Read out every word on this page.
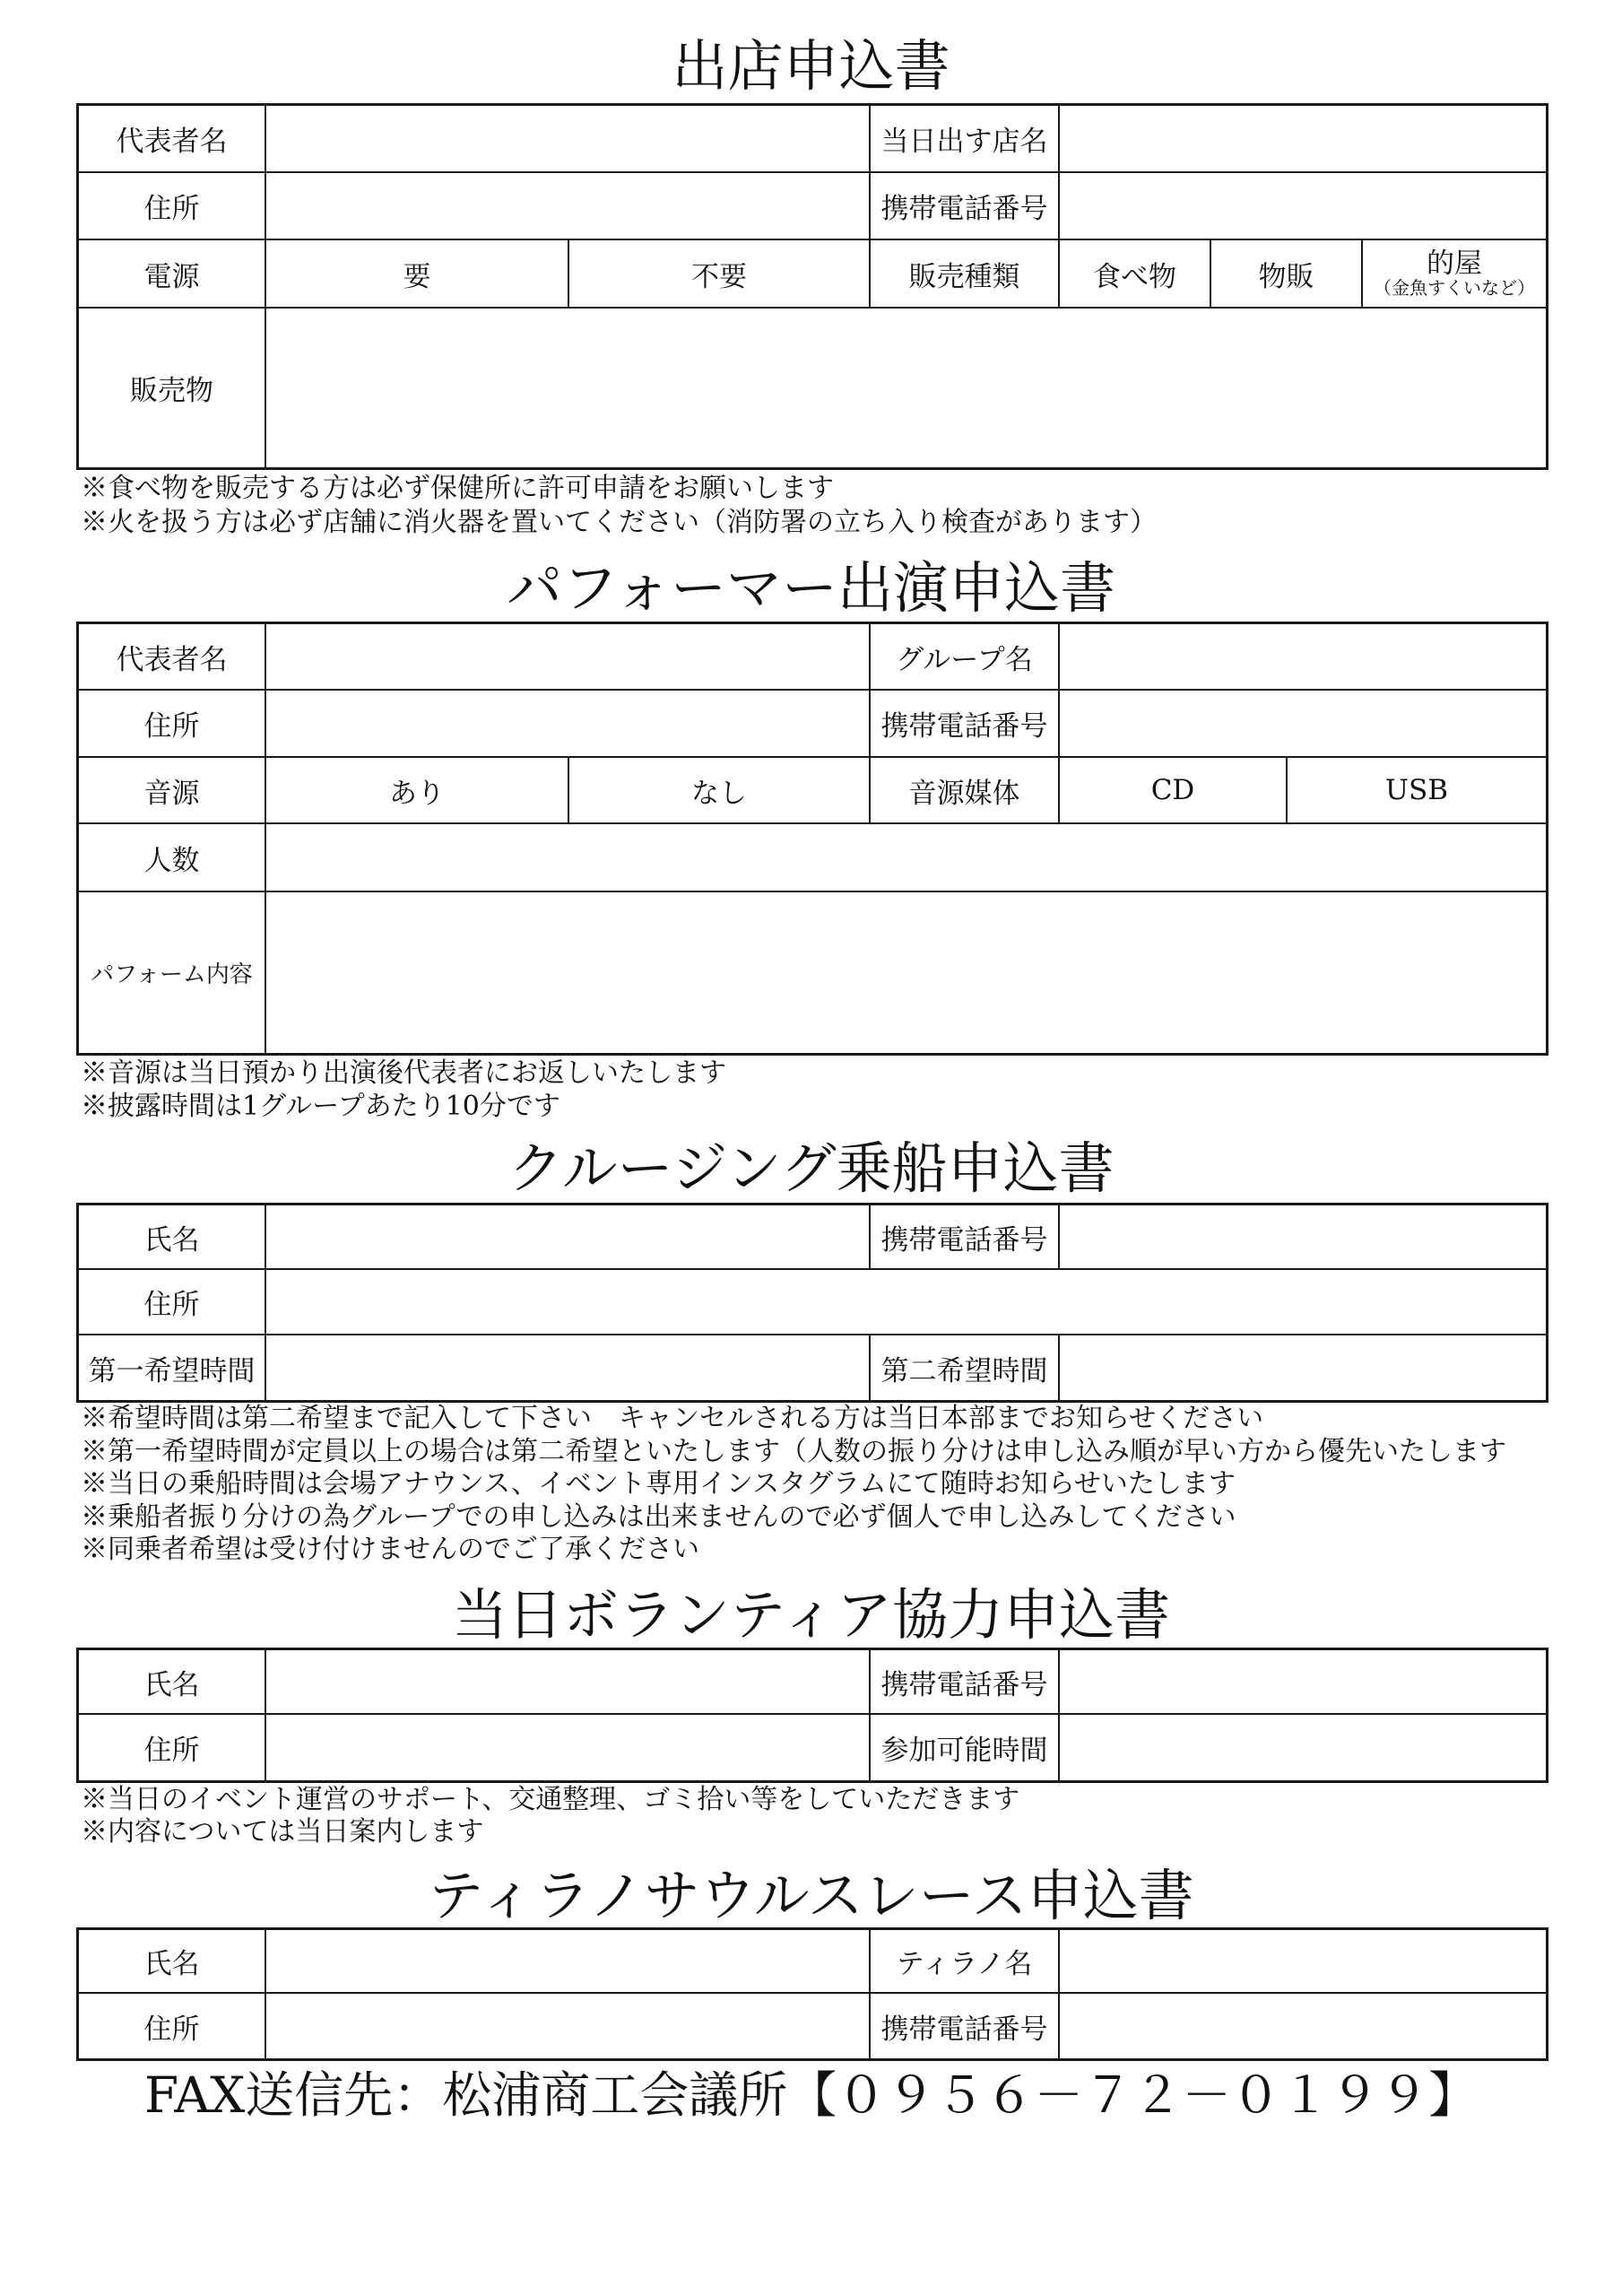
出店申込書
代表者名	当日出す店名
住所	携帯電話番号
電源	要	不要	販売種類	食べ物	物販	的屋
（金魚すくいなど）
販売物
※食べ物を販売する方は必ず保健所に許可申請をお願いします
※火を扱う方は必ず店舗に消火器を置いてください（消防署の立ち入り検査があります）
パフォーマー出演申込書
代表者名	グループ名
住所	携帯電話番号
音源	あり	なし	音源媒体	CD	USB
人数
パフォーム内容
※音源は当日預かり出演後代表者にお返しいたします
※披露時間は1グループあたり10分です
クルージング乗船申込書
氏名	携帯電話番号
住所
第一希望時間	第二希望時間
※希望時間は第二希望まで記入して下さい　キャンセルされる方は当日本部までお知らせください
※第一希望時間が定員以上の場合は第二希望といたします（人数の振り分けは申し込み順が早い方から優先いたします
※当日の乗船時間は会場アナウンス、イベント専用インスタグラムにて随時お知らせいたします
※乗船者振り分けの為グループでの申し込みは出来ませんので必ず個人で申し込みしてください
※同乗者希望は受け付けませんのでご了承ください
当日ボランティア協力申込書
氏名	携帯電話番号
住所	参加可能時間
※当日のイベント運営のサポート、交通整理、ゴミ拾い等をしていただきます
※内容については当日案内します
ティラノサウルスレース申込書
氏名	ティラノ名
住所	携帯電話番号
FAX送信先：松浦商工会議所【０９５６－７２－０１９９】
